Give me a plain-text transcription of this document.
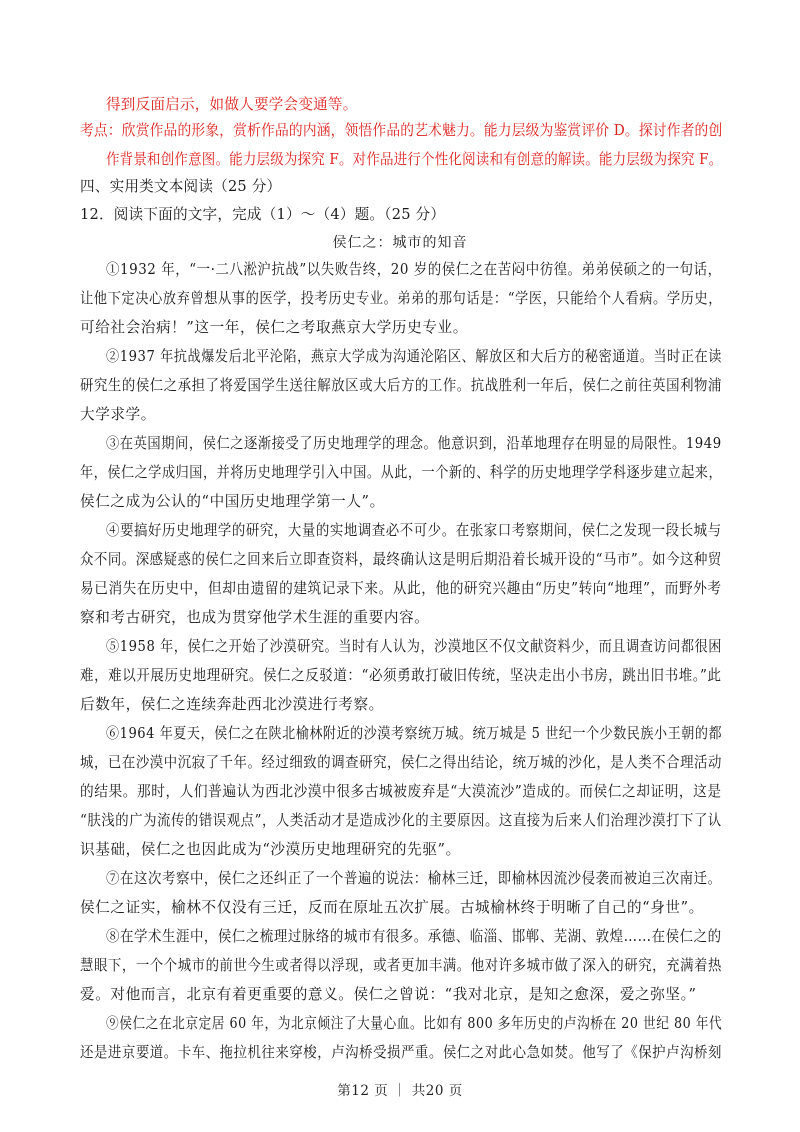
得到反面启示，如做人要学会变通等。
考点：欣赏作品的形象，赏析作品的内涵，领悟作品的艺术魅力。能力层级为鉴赏评价 D。探讨作者的创
作背景和创作意图。能力层级为探究 F。对作品进行个性化阅读和有创意的解读。能力层级为探究 F。
四、实用类文本阅读（25 分）
12．阅读下面的文字，完成（1）～（4）题。（25 分）
侯仁之：城市的知音
①1932 年，“一·二八淞沪抗战”以失败告终，20 岁的侯仁之在苦闷中彷徨。弟弟侯硕之的一句话，
让他下定决心放弃曾想从事的医学，投考历史专业。弟弟的那句话是：“学医，只能给个人看病。学历史，
可给社会治病！”这一年，侯仁之考取燕京大学历史专业。
②1937 年抗战爆发后北平沦陷，燕京大学成为沟通沦陷区、解放区和大后方的秘密通道。当时正在读
研究生的侯仁之承担了将爱国学生送往解放区或大后方的工作。抗战胜利一年后，侯仁之前往英国利物浦
大学求学。
③在英国期间，侯仁之逐渐接受了历史地理学的理念。他意识到，沿革地理存在明显的局限性。1949
年，侯仁之学成归国，并将历史地理学引入中国。从此，一个新的、科学的历史地理学学科逐步建立起来，
侯仁之成为公认的“中国历史地理学第一人”。
④要搞好历史地理学的研究，大量的实地调查必不可少。在张家口考察期间，侯仁之发现一段长城与
众不同。深感疑惑的侯仁之回来后立即查资料，最终确认这是明后期沿着长城开设的“马市”。如今这种贸
易已消失在历史中，但却由遗留的建筑记录下来。从此，他的研究兴趣由“历史”转向“地理”，而野外考
察和考古研究，也成为贯穿他学术生涯的重要内容。
⑤1958 年，侯仁之开始了沙漠研究。当时有人认为，沙漠地区不仅文献资料少，而且调查访问都很困
难，难以开展历史地理研究。侯仁之反驳道：“必须勇敢打破旧传统，坚决走出小书房，跳出旧书堆。”此
后数年，侯仁之连续奔赴西北沙漠进行考察。
⑥1964 年夏天，侯仁之在陕北榆林附近的沙漠考察统万城。统万城是 5 世纪一个少数民族小王朝的都
城，已在沙漠中沉寂了千年。经过细致的调查研究，侯仁之得出结论，统万城的沙化，是人类不合理活动
的结果。那时，人们普遍认为西北沙漠中很多古城被废弃是“大漠流沙”造成的。而侯仁之却证明，这是
“肤浅的广为流传的错误观点”，人类活动才是造成沙化的主要原因。这直接为后来人们治理沙漠打下了认
识基础，侯仁之也因此成为“沙漠历史地理研究的先驱”。
⑦在这次考察中，侯仁之还纠正了一个普遍的说法：榆林三迁，即榆林因流沙侵袭而被迫三次南迁。
侯仁之证实，榆林不仅没有三迁，反而在原址五次扩展。古城榆林终于明晰了自己的“身世”。
⑧在学术生涯中，侯仁之梳理过脉络的城市有很多。承德、临淄、邯郸、芜湖、敦煌……在侯仁之的
慧眼下，一个个城市的前世今生或者得以浮现，或者更加丰满。他对许多城市做了深入的研究，充满着热
爱。对他而言，北京有着更重要的意义。侯仁之曾说：“我对北京，是知之愈深，爱之弥坚。”
⑨侯仁之在北京定居 60 年，为北京倾注了大量心血。比如有 800 多年历史的卢沟桥在 20 世纪 80 年代
还是进京要道。卡车、拖拉机往来穿梭，卢沟桥受损严重。侯仁之对此心急如焚。他写了《保护卢沟桥刻
第12 页 ｜ 共20 页
